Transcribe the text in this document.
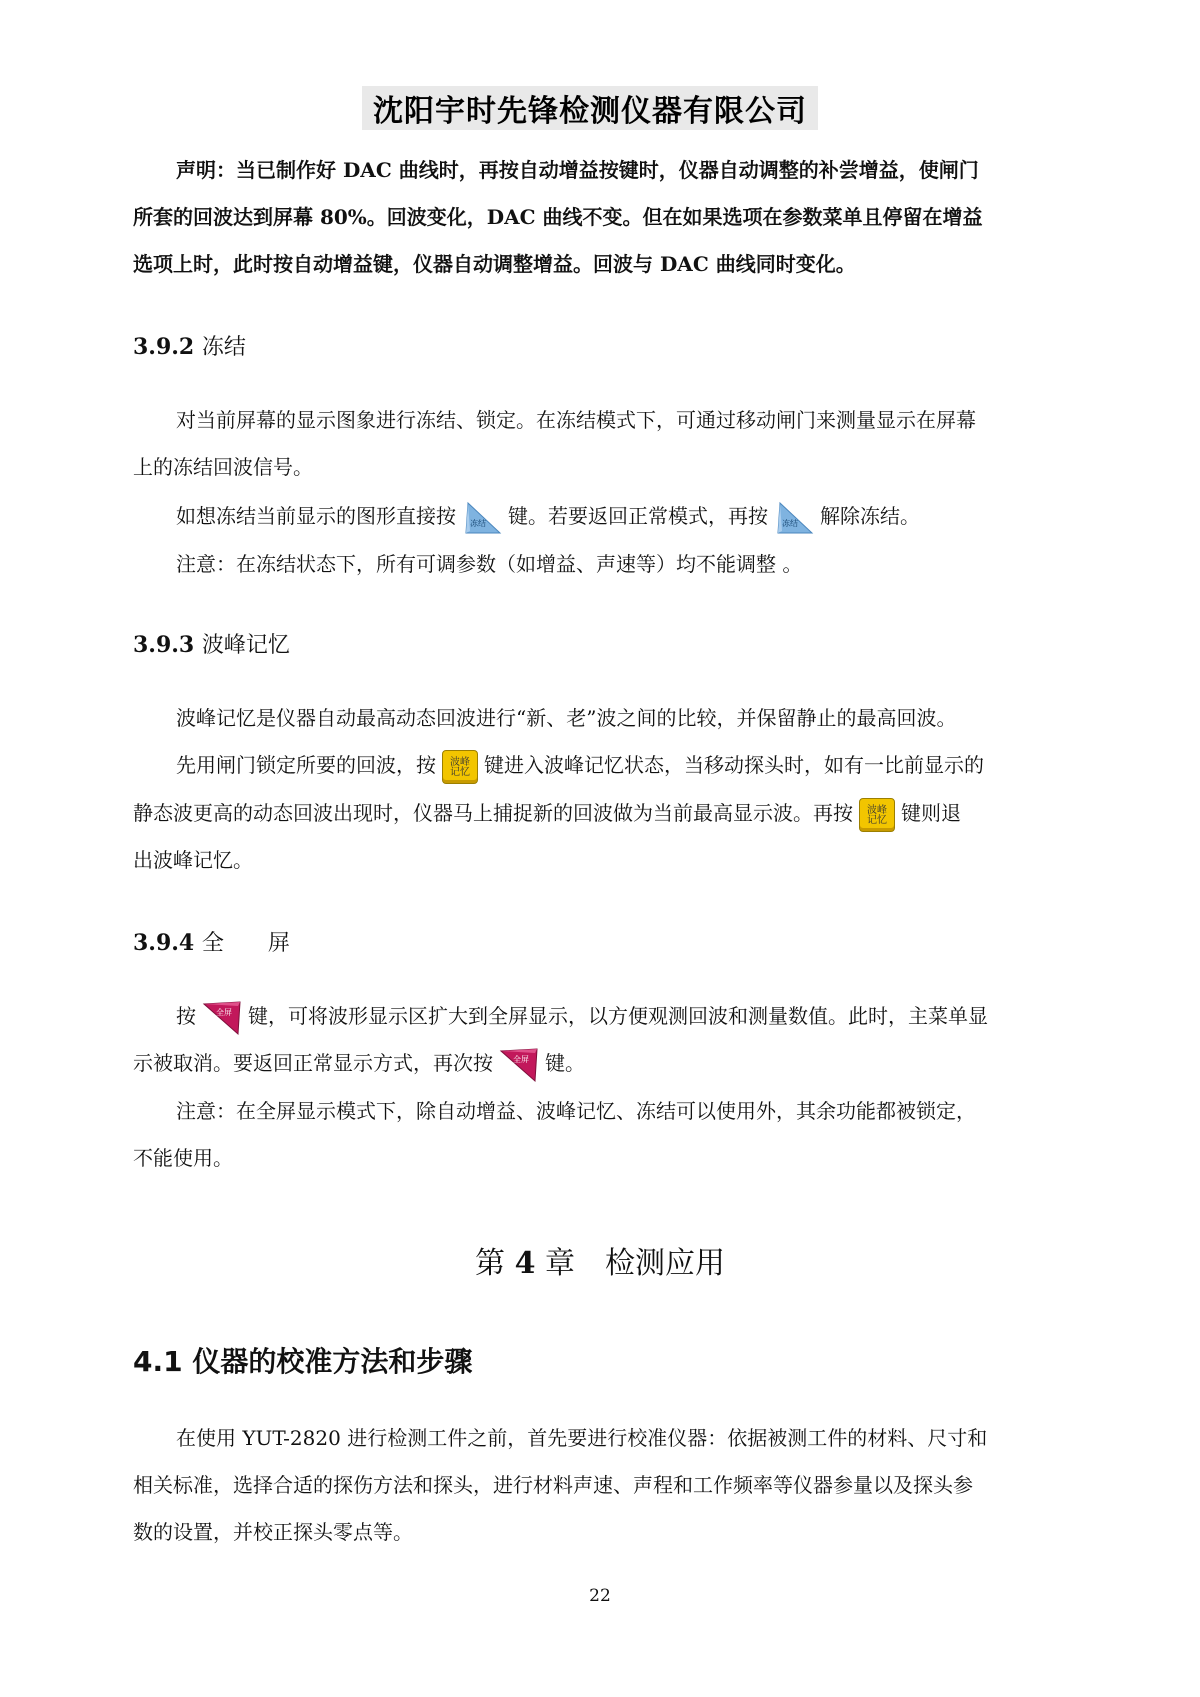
沈阳宇时先锋检测仪器有限公司
声明：当已制作好 DAC 曲线时，再按自动增益按键时，仪器自动调整的补尝增益，使闸门
所套的回波达到屏幕 80%。回波变化，DAC 曲线不变。但在如果选项在参数菜单且停留在增益
选项上时，此时按自动增益键，仪器自动调整增益。回波与 DAC 曲线同时变化。
3.9.2 冻结
对当前屏幕的显示图象进行冻结、锁定。在冻结模式下，可通过移动闸门来测量显示在屏幕
上的冻结回波信号。
如想冻结当前显示的图形直接按 冻结 键。若要返回正常模式，再按 冻结 解除冻结。
注意：在冻结状态下，所有可调参数（如增益、声速等）均不能调整 。
3.9.3 波峰记忆
波峰记忆是仪器自动最高动态回波进行“新、老”波之间的比较，并保留静止的最高回波。
先用闸门锁定所要的回波，按	波峰
记忆 键进入波峰记忆状态，当移动探头时，如有一比前显示的
静态波更高的动态回波出现时，仪器马上捕捉新的回波做为当前最高显示波。再按	波峰
记忆 键则退
出波峰记忆。
3.9.4 全　　屏
按	全屏 键，可将波形显示区扩大到全屏显示，以方便观测回波和测量数值。此时，主菜单显
示被取消。要返回正常显示方式，再次按	全屏 键。
注意：在全屏显示模式下，除自动增益、波峰记忆、冻结可以使用外，其余功能都被锁定，
不能使用。
第 4 章　检测应用
4.1 仪器的校准方法和步骤
在使用 YUT-2820 进行检测工件之前，首先要进行校准仪器：依据被测工件的材料、尺寸和
相关标准，选择合适的探伤方法和探头，进行材料声速、声程和工作频率等仪器参量以及探头参
数的设置，并校正探头零点等。
22
